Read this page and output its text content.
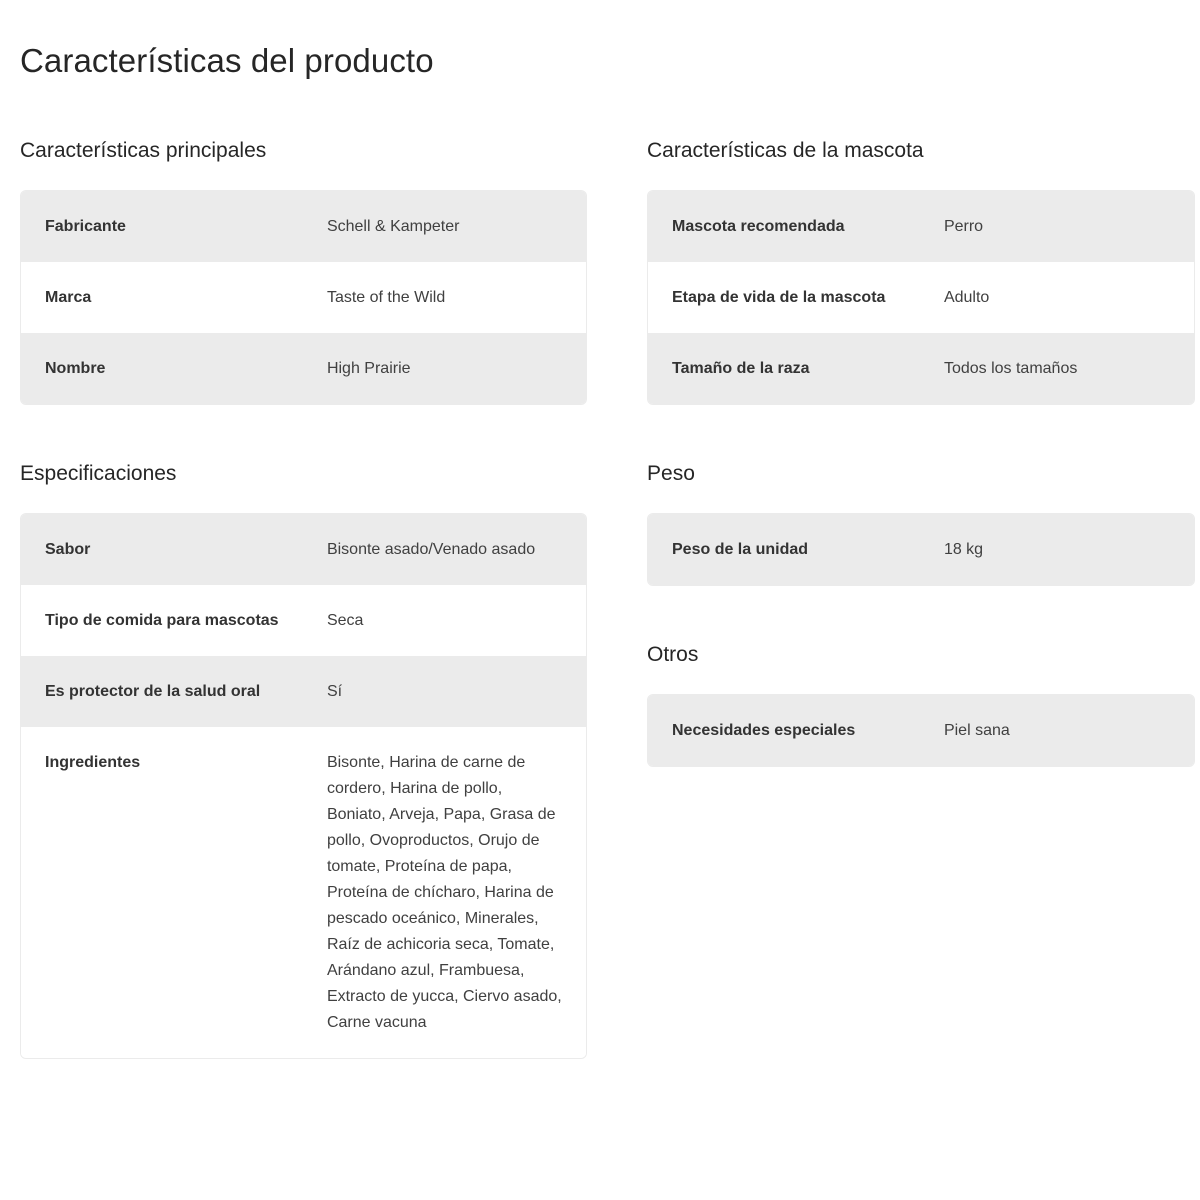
Características del producto
Características principales
Fabricante	Schell & Kampeter
Marca	Taste of the Wild
Nombre	High Prairie
Especificaciones
Sabor	Bisonte asado/Venado asado
Tipo de comida para mascotas	Seca
Es protector de la salud oral	Sí
Ingredientes	Bisonte, Harina de carne de cordero, Harina de pollo, Boniato, Arveja, Papa, Grasa de pollo, Ovoproductos, Orujo de tomate, Proteína de papa, Proteína de chícharo, Harina de pescado oceánico, Minerales, Raíz de achicoria seca, Tomate, Arándano azul, Frambuesa, Extracto de yucca, Ciervo asado, Carne vacuna
Características de la mascota
Mascota recomendada	Perro
Etapa de vida de la mascota	Adulto
Tamaño de la raza	Todos los tamaños
Peso
Peso de la unidad	18 kg
Otros
Necesidades especiales	Piel sana
